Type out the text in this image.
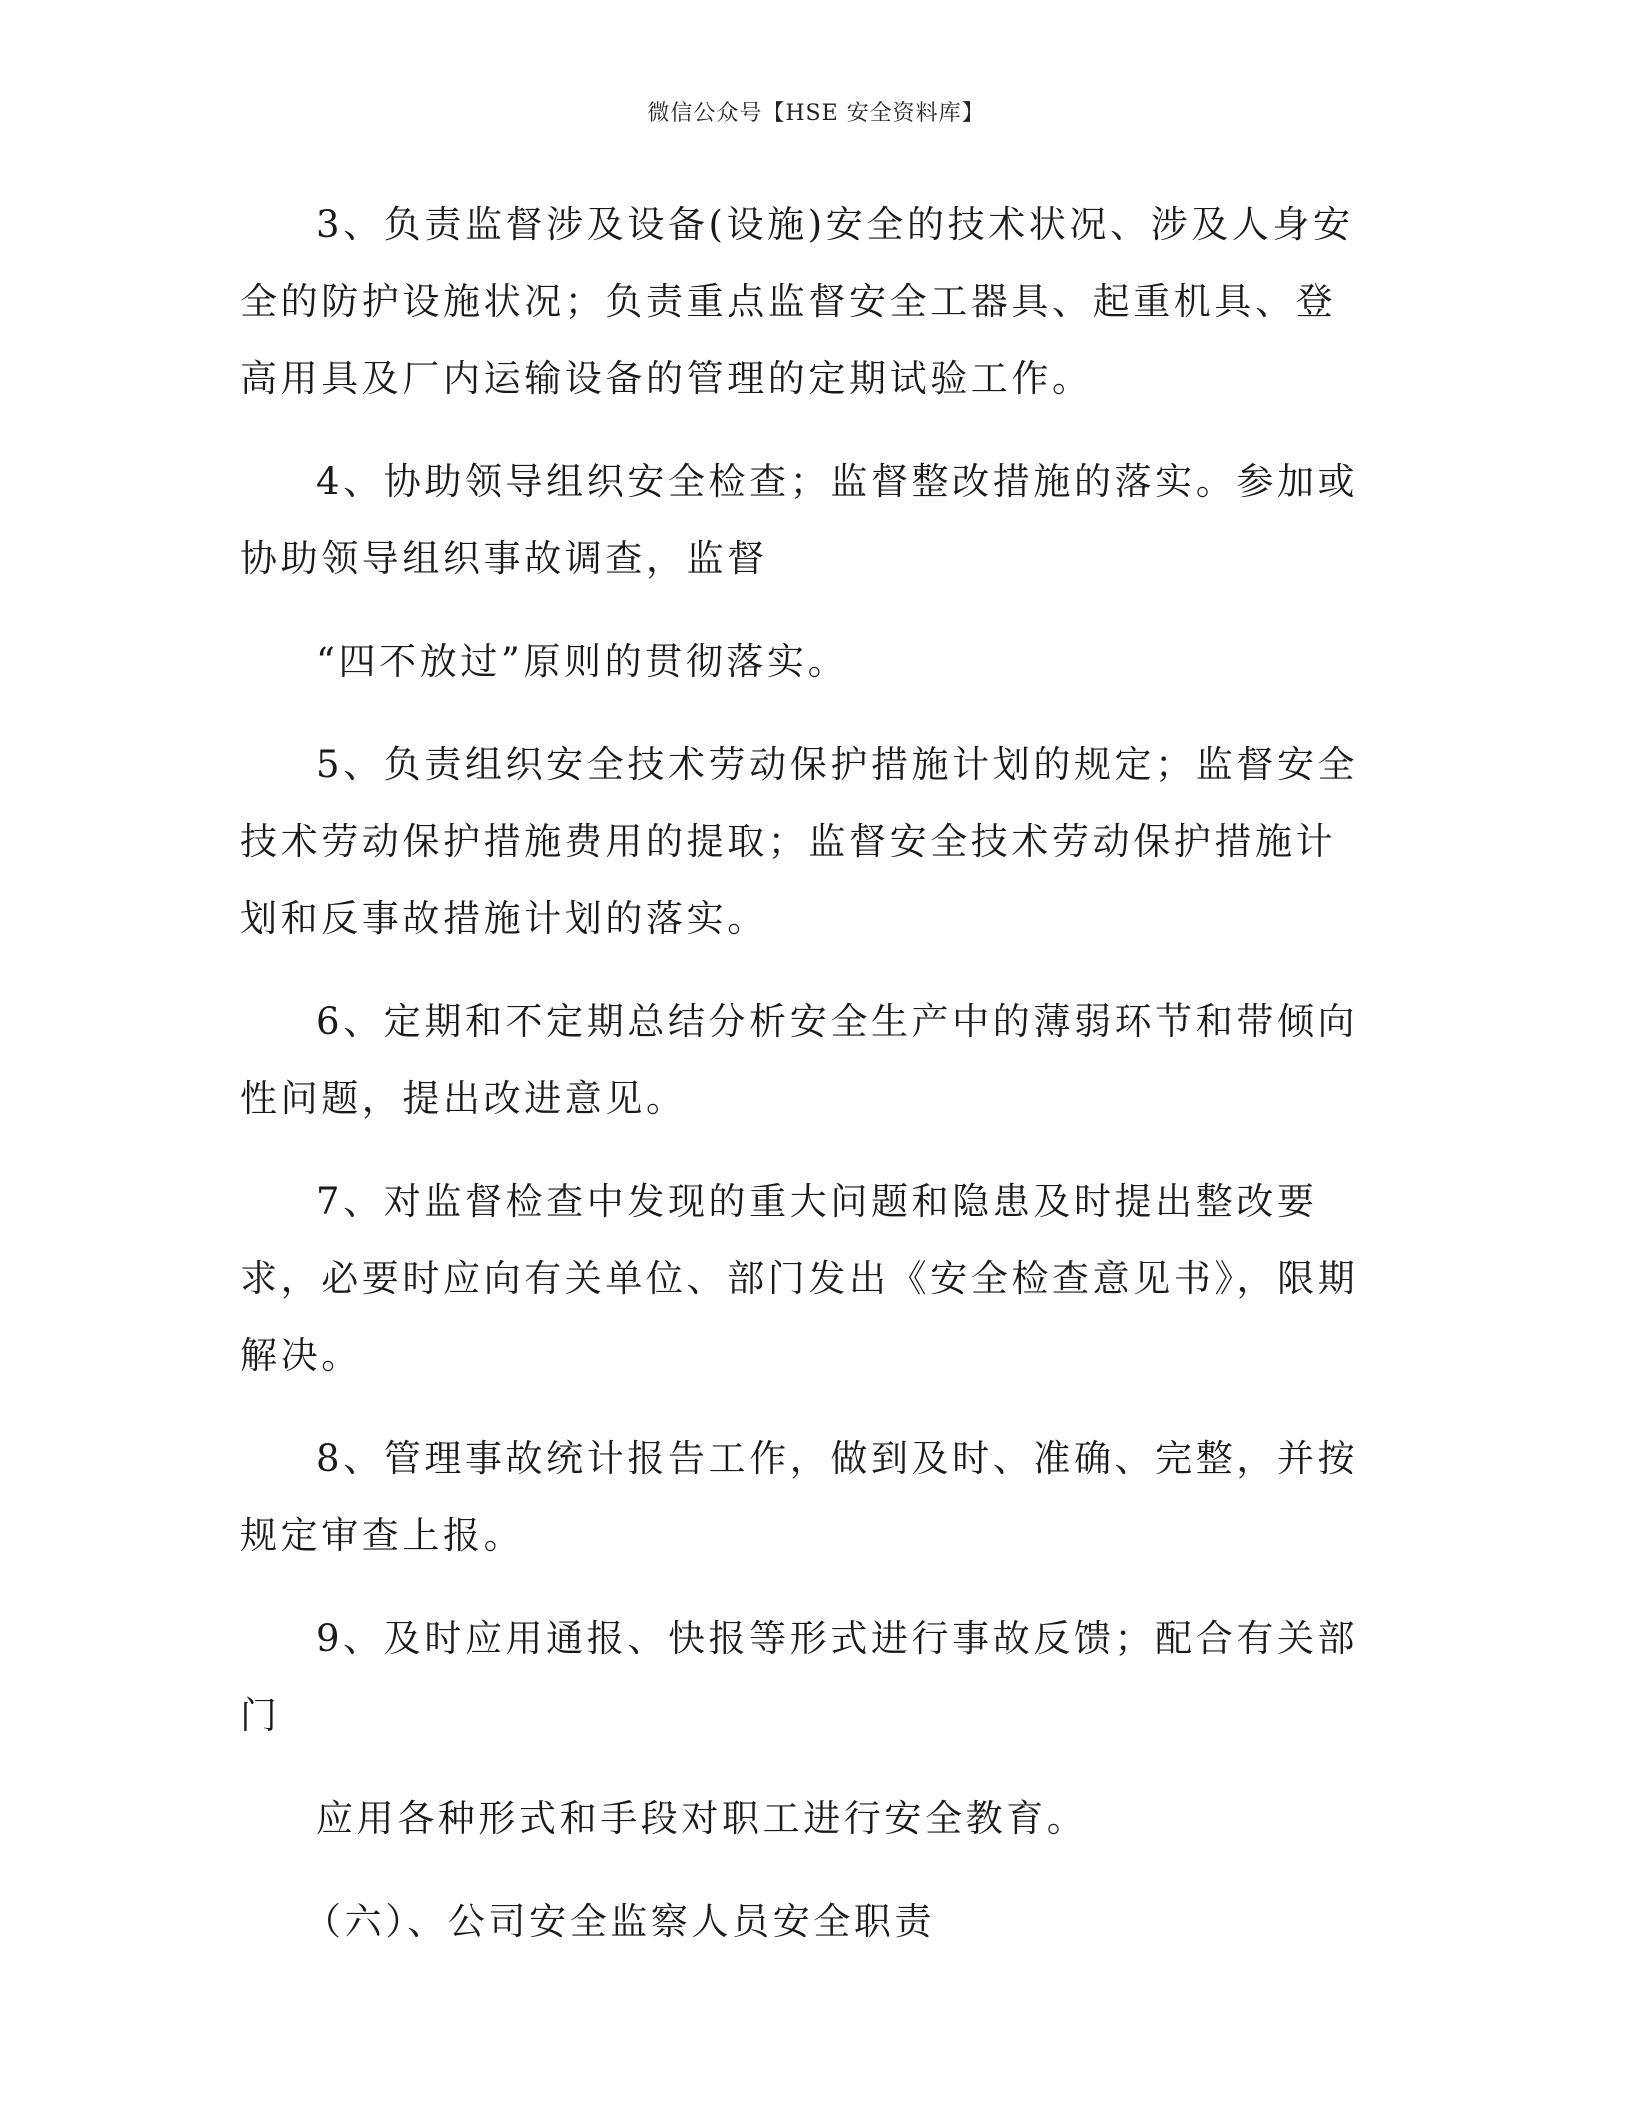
微信公众号【HSE 安全资料库】

3、负责监督涉及设备(设施)安全的技术状况、涉及人身安全的防护设施状况；负责重点监督安全工器具、起重机具、登高用具及厂内运输设备的管理的定期试验工作。

4、协助领导组织安全检查；监督整改措施的落实。参加或协助领导组织事故调查，监督

“四不放过”原则的贯彻落实。

5、负责组织安全技术劳动保护措施计划的规定；监督安全技术劳动保护措施费用的提取；监督安全技术劳动保护措施计划和反事故措施计划的落实。

6、定期和不定期总结分析安全生产中的薄弱环节和带倾向性问题，提出改进意见。

7、对监督检查中发现的重大问题和隐患及时提出整改要求，必要时应向有关单位、部门发出《安全检查意见书》，限期解决。

8、管理事故统计报告工作，做到及时、准确、完整，并按规定审查上报。

9、及时应用通报、快报等形式进行事故反馈；配合有关部门

应用各种形式和手段对职工进行安全教育。

（六）、公司安全监察人员安全职责
